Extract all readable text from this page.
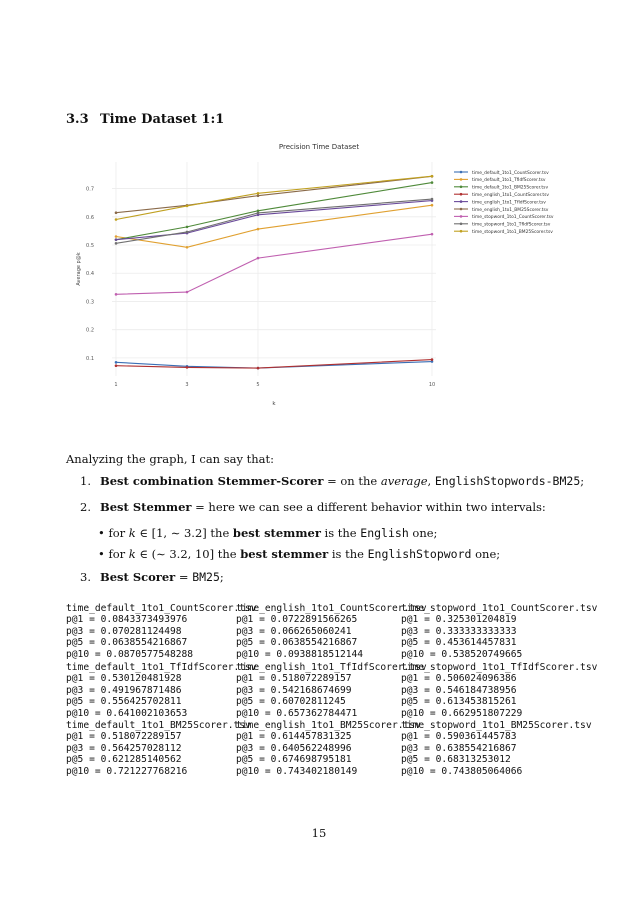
3.3 Time Dataset 1:1
Precision Time Dataset
0.1
0.2
0.3
0.4
0.5
0.6
0.7
1	3	5	10
k
Average p@k
time_default_1to1_CountScorer.tsv
time_default_1to1_TfIdfScorer.tsv
time_default_1to1_BM25Scorer.tsv
time_english_1to1_CountScorer.tsv
time_english_1to1_TfIdfScorer.tsv
time_english_1to1_BM25Scorer.tsv
time_stopword_1to1_CountScorer.tsv
time_stopword_1to1_TfIdfScorer.tsv
time_stopword_1to1_BM25Scorer.tsv
Analyzing the graph, I can say that:
1. Best combination Stemmer-Scorer = on the average, EnglishStopwords-BM25;
2. Best Stemmer = here we can see a different behavior within two intervals:
• for k ∈ [1, ∼ 3.2] the best stemmer is the English one;
• for k ∈ (∼ 3.2, 10] the best stemmer is the EnglishStopword one;
3. Best Scorer = BM25;
time_default_1to1_CountScorer.tsv
p@1 = 0.0843373493976
p@3 = 0.070281124498
p@5 = 0.0638554216867
p@10 = 0.0870577548288
time_english_1to1_CountScorer.tsv
p@1 = 0.0722891566265
p@3 = 0.066265060241
p@5 = 0.0638554216867
p@10 = 0.0938818512144
time_stopword_1to1_CountScorer.tsv
p@1 = 0.325301204819
p@3 = 0.333333333333
p@5 = 0.453614457831
p@10 = 0.538520749665
time_default_1to1_TfIdfScorer.tsv
p@1 = 0.530120481928
p@3 = 0.491967871486
p@5 = 0.556425702811
p@10 = 0.641002103653
time_english_1to1_TfIdfScorer.tsv
p@1 = 0.518072289157
p@3 = 0.542168674699
p@5 = 0.60702811245
p@10 = 0.657362784471
time_stopword_1to1_TfIdfScorer.tsv
p@1 = 0.506024096386
p@3 = 0.546184738956
p@5 = 0.613453815261
p@10 = 0.662951807229
time_default_1to1_BM25Scorer.tsv
p@1 = 0.518072289157
p@3 = 0.564257028112
p@5 = 0.621285140562
p@10 = 0.721227768216
time_english_1to1_BM25Scorer.tsv
p@1 = 0.614457831325
p@3 = 0.640562248996
p@5 = 0.674698795181
p@10 = 0.743402180149
time_stopword_1to1_BM25Scorer.tsv
p@1 = 0.590361445783
p@3 = 0.638554216867
p@5 = 0.68313253012
p@10 = 0.743805064066
15
